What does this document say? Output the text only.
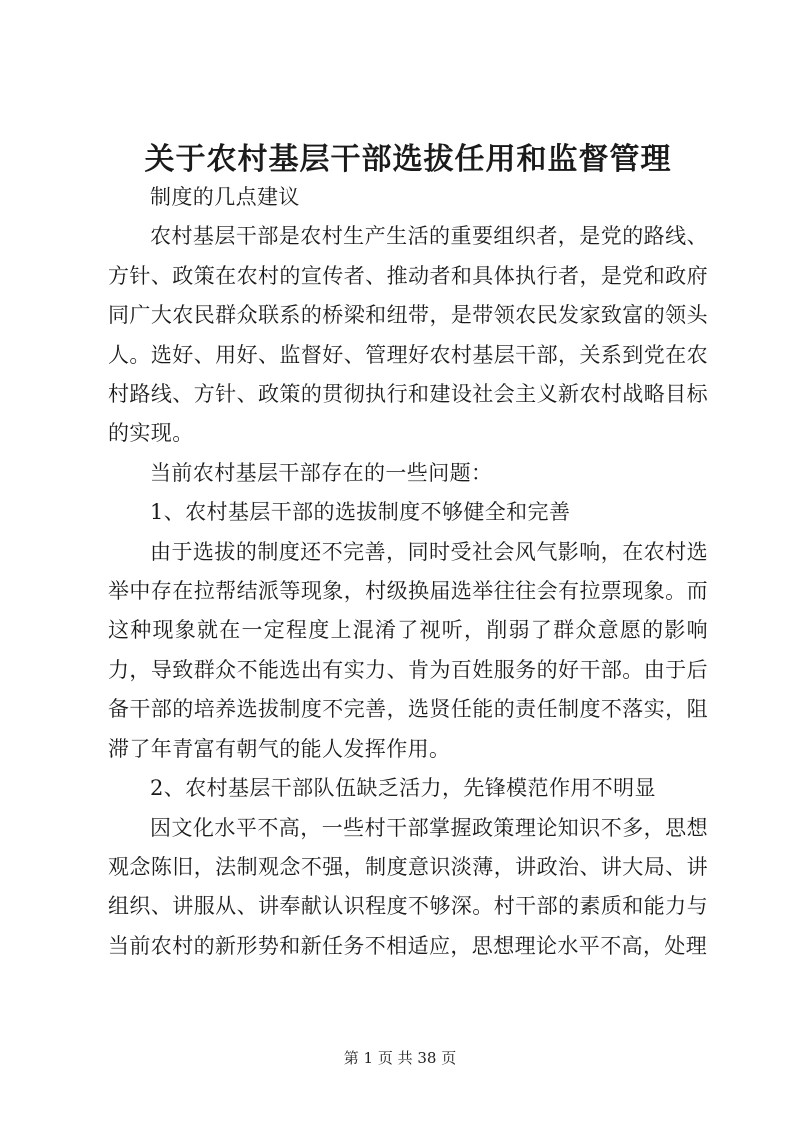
关于农村基层干部选拔任用和监督管理

制度的几点建议

农村基层干部是农村生产生活的重要组织者，是党的路线、方针、政策在农村的宣传者、推动者和具体执行者，是党和政府同广大农民群众联系的桥梁和纽带，是带领农民发家致富的领头人。选好、用好、监督好、管理好农村基层干部，关系到党在农村路线、方针、政策的贯彻执行和建设社会主义新农村战略目标的实现。

当前农村基层干部存在的一些问题：

1、农村基层干部的选拔制度不够健全和完善

由于选拔的制度还不完善，同时受社会风气影响，在农村选举中存在拉帮结派等现象，村级换届选举往往会有拉票现象。而这种现象就在一定程度上混淆了视听，削弱了群众意愿的影响力，导致群众不能选出有实力、肯为百姓服务的好干部。由于后备干部的培养选拔制度不完善，选贤任能的责任制度不落实，阻滞了年青富有朝气的能人发挥作用。

2、农村基层干部队伍缺乏活力，先锋模范作用不明显

因文化水平不高，一些村干部掌握政策理论知识不多，思想观念陈旧，法制观念不强，制度意识淡薄，讲政治、讲大局、讲组织、讲服从、讲奉献认识程度不够深。村干部的素质和能力与当前农村的新形势和新任务不相适应，思想理论水平不高，处理

第 1 页 共 38 页
